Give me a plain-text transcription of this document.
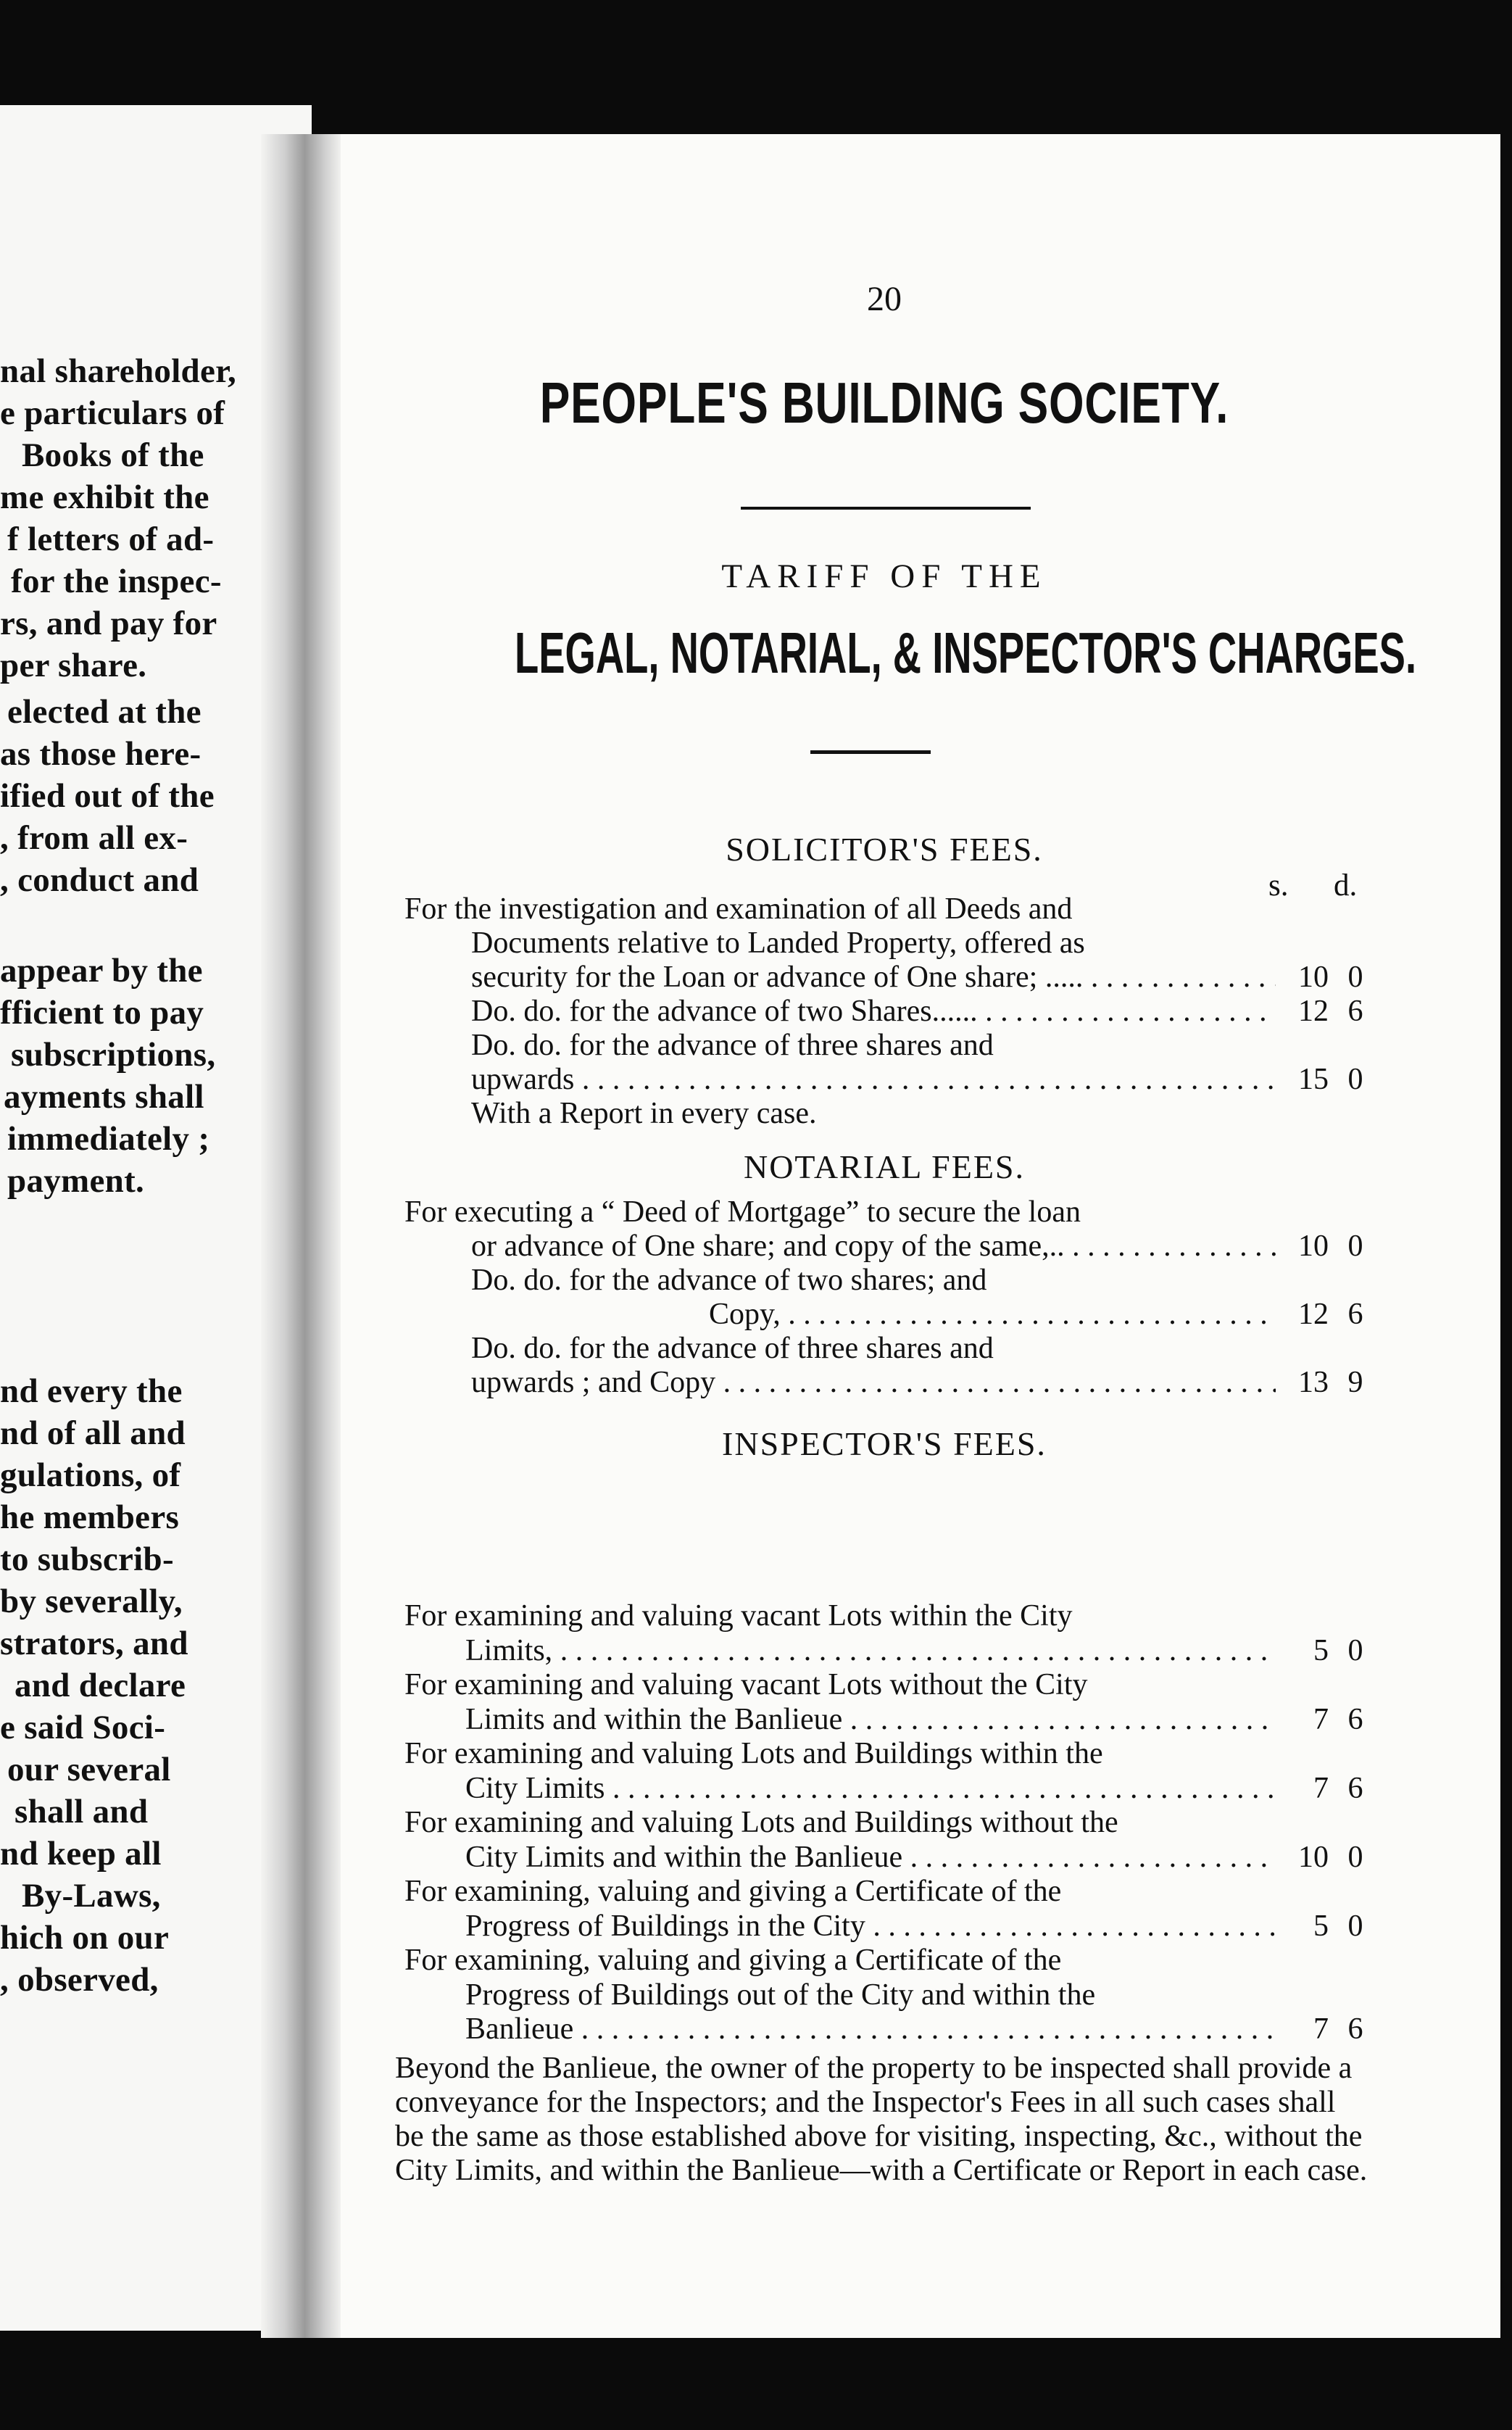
nal shareholder,
e particulars of
Books of the
me exhibit the
f letters of ad-
for the inspec-
rs, and pay for
per share.
elected at the
as those here-
ified out of the
, from all ex-
, conduct and
appear by the
fficient to pay
subscriptions,
ayments shall
immediately ;
payment.
nd every the
nd of all and
gulations, of
he members
to subscrib-
by severally,
strators, and
and declare
e said Soci-
our several
shall and
nd keep all
By-Laws,
hich on our
, observed,
20
PEOPLE'S BUILDING SOCIETY.
TARIFF OF THE
LEGAL, NOTARIAL, & INSPECTOR'S CHARGES.
SOLICITOR'S FEES.
s. d.
For the investigation and examination of all Deeds and
Documents relative to Landed Property, offered as
security for the Loan or advance of One share; ..... . . .	10 0
Do. do. for the advance of two Shares...... . . .	12 6
Do. do. for the advance of three shares and
upwards . . .	15 0
With a Report in every case.
NOTARIAL FEES.
For executing a “ Deed of Mortgage” to secure the loan
or advance of One share; and copy of the same,.. . . .	10 0
Do. do. for the advance of two shares; and
Copy, . . .	12 6
Do. do. for the advance of three shares and
upwards ; and Copy . . .	13 9
INSPECTOR'S FEES.
For examining and valuing vacant Lots within the City
Limits, . . .	5 0
For examining and valuing vacant Lots without the City
Limits and within the Banlieue . . .	7 6
For examining and valuing Lots and Buildings within the
City Limits . . .	7 6
For examining and valuing Lots and Buildings without the
City Limits and within the Banlieue . . .	10 0
For examining, valuing and giving a Certificate of the
Progress of Buildings in the City . . .	5 0
For examining, valuing and giving a Certificate of the
Progress of Buildings out of the City and within the
Banlieue . . .	7 6
Beyond the Banlieue, the owner of the property to be inspected shall provide a conveyance for the Inspectors; and the Inspector's Fees in all such cases shall be the same as those established above for visiting, inspecting, &c., without the City Limits, and within the Banlieue—with a Certificate or Report in each case.
